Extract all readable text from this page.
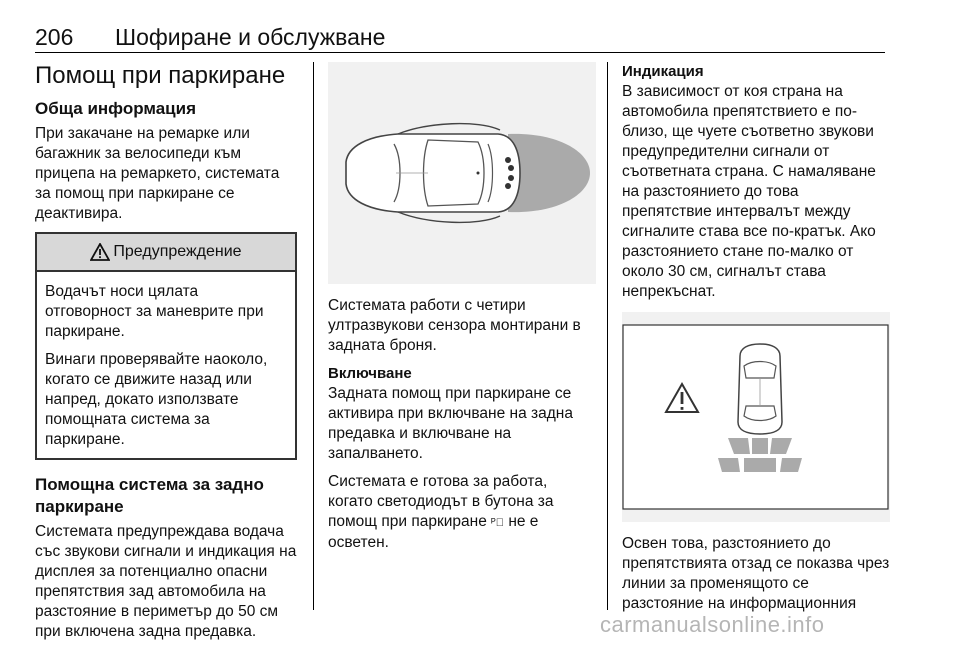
206 Шофиране и обслужване
Помощ при паркиране
Обща информация

При закачане на ремарке или багажник за велосипеди към прицепа на ремаркето, системата за помощ при паркиране се деактивира.

Предупреждение

Водачът носи цялата отговорност за маневрите при паркиране.

Винаги проверявайте наоколо, когато се движите назад или напред, докато използвате помощната система за паркиране.

Помощна система за задно паркиране

Системата предупреждава водача със звукови сигнали и индикация на дисплея за потенциално опасни препятствия зад автомобила на разстояние в периметър до 50 см при включена задна предавка.

Системата работи с четири ултразвукови сензора монтирани в задната броня.

Включване

Задната помощ при паркиране се активира при включване на задна предавка и включване на запалването.

Системата е готова за работа, когато светодиодът в бутона за помощ при паркиране ᴾ᪲ не е осветен.

Индикация

В зависимост от коя страна на автомобила препятствието е по-близо, ще чуете съответно звукови предупредителни сигнали от съответната страна. С намаляване на разстоянието до това препятствие интервалът между сигналите става все по-кратък. Ако разстоянието стане по-малко от около 30 см, сигналът става непрекъснат.

Освен това, разстоянието до препятствията отзад се показва чрез линии за променящото се разстояние на информационния

carmanualsonline.info
